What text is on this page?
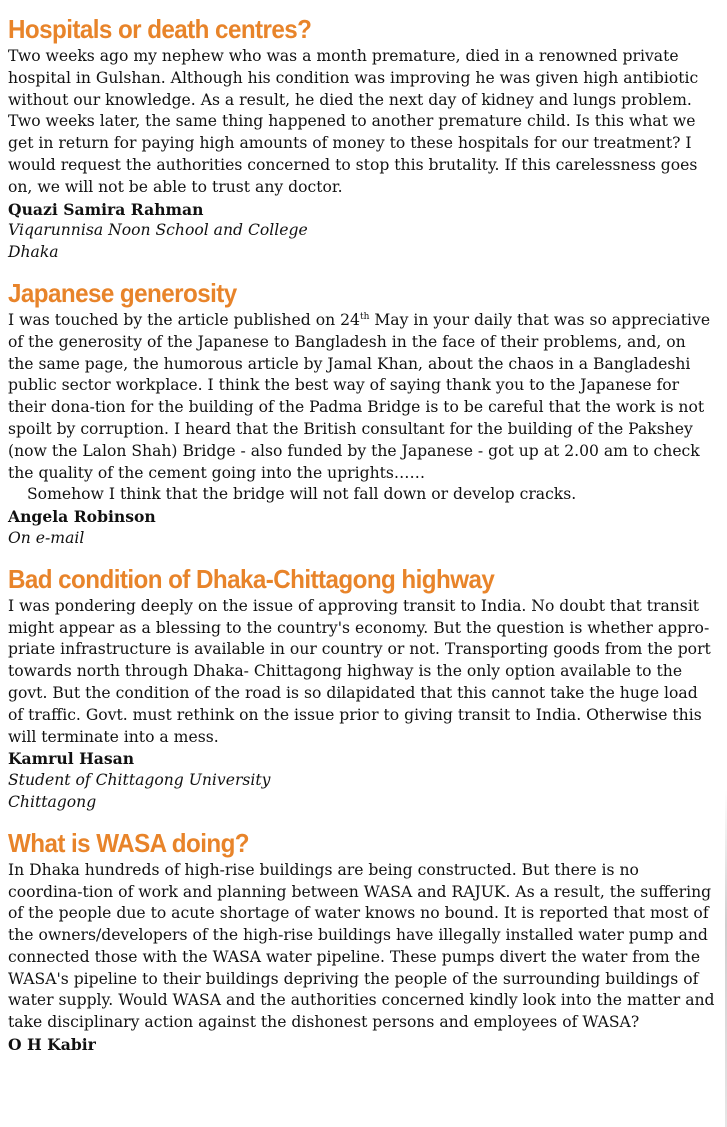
Hospitals or death centres?

Two weeks ago my nephew who was a month premature, died in a renowned private hospital in Gulshan. Although his condition was improving he was given high antibiotic without our knowledge. As a result, he died the next day of kidney and lungs problem. Two weeks later, the same thing happened to another premature child. Is this what we get in return for paying high amounts of money to these hospitals for our treatment? I would request the authorities concerned to stop this brutality. If this carelessness goes on, we will not be able to trust any doctor.

Quazi Samira Rahman

Viqarunnisa Noon School and College

Dhaka

Japanese generosity

I was touched by the article published on 24th May in your daily that was so appreciative of the generosity of the Japanese to Bangladesh in the face of their problems, and, on the same page, the humorous article by Jamal Khan, about the chaos in a Bangladeshi public sector workplace. I think the best way of saying thank you to the Japanese for their dona-tion for the building of the Padma Bridge is to be careful that the work is not spoilt by corruption. I heard that the British consultant for the building of the Pakshey (now the Lalon Shah) Bridge - also funded by the Japanese - got up at 2.00 am to check the quality of the cement going into the uprights……

Somehow I think that the bridge will not fall down or develop cracks.

Angela Robinson

On e-mail

Bad condition of Dhaka-Chittagong highway

I was pondering deeply on the issue of approving transit to India. No doubt that transit might appear as a blessing to the country's economy. But the question is whether appro-priate infrastructure is available in our country or not. Transporting goods from the port towards north through Dhaka- Chittagong highway is the only option available to the govt. But the condition of the road is so dilapidated that this cannot take the huge load of traffic. Govt. must rethink on the issue prior to giving transit to India. Otherwise this will terminate into a mess.

Kamrul Hasan

Student of Chittagong University

Chittagong

What is WASA doing?

In Dhaka hundreds of high-rise buildings are being constructed. But there is no coordina-tion of work and planning between WASA and RAJUK. As a result, the suffering of the people due to acute shortage of water knows no bound. It is reported that most of the owners/developers of the high-rise buildings have illegally installed water pump and connected those with the WASA water pipeline. These pumps divert the water from the WASA's pipeline to their buildings depriving the people of the surrounding buildings of water supply. Would WASA and the authorities concerned kindly look into the matter and take disciplinary action against the dishonest persons and employees of WASA?

O H Kabir
